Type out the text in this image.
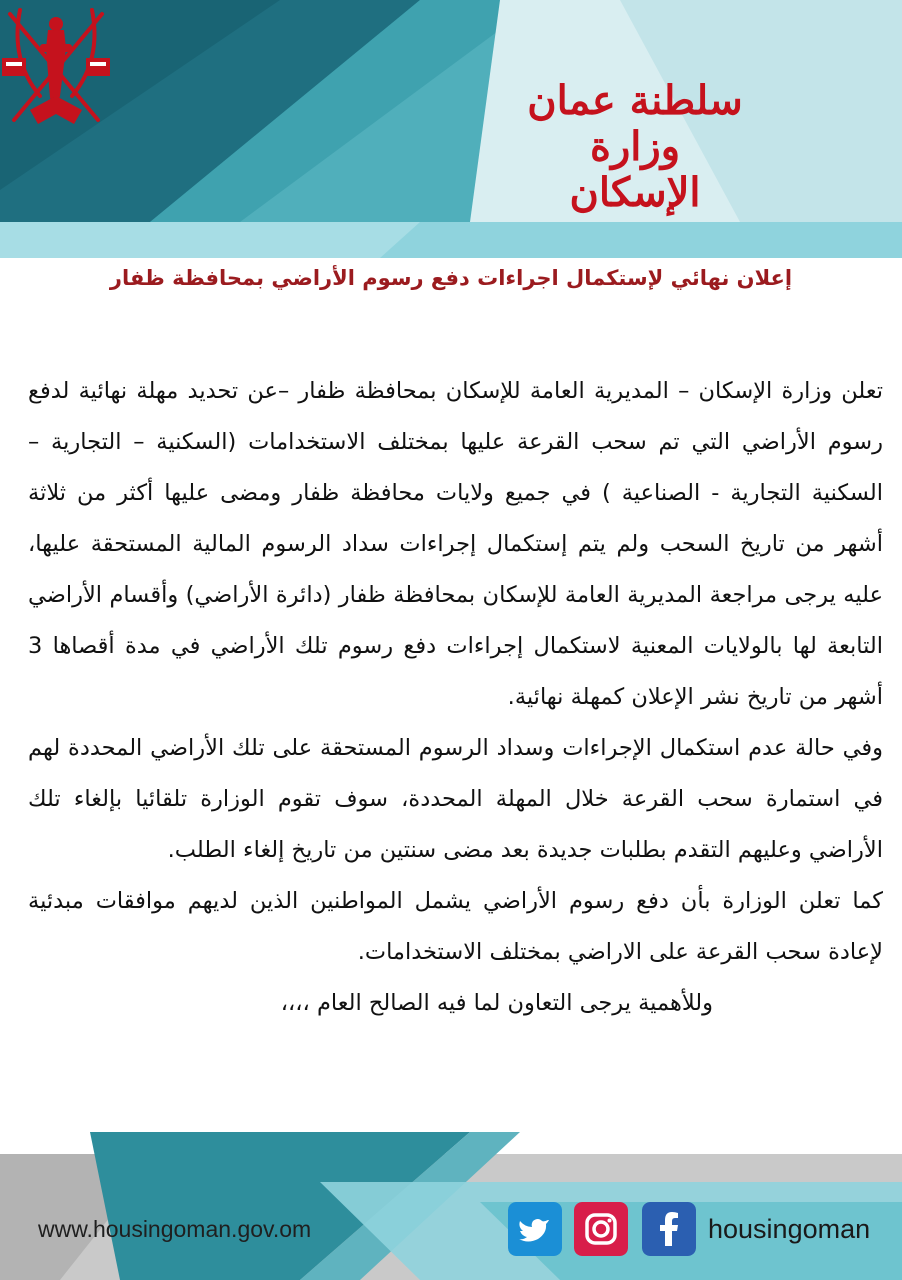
سلطنة عمان
وزارة الإسكان
إعلان نهائي لإستكمال اجراءات دفع رسوم الأراضي بمحافظة ظفار

تعلن وزارة الإسكان – المديرية العامة للإسكان بمحافظة ظفار –عن تحديد مهلة نهائية لدفع رسوم الأراضي التي تم سحب القرعة عليها بمختلف الاستخدامات (السكنية – التجارية – السكنية التجارية - الصناعية ) في جميع ولايات محافظة ظفار ومضى عليها أكثر من ثلاثة أشهر من تاريخ السحب ولم يتم إستكمال إجراءات سداد الرسوم المالية المستحقة عليها، عليه يرجى مراجعة المديرية العامة للإسكان بمحافظة ظفار (دائرة الأراضي) وأقسام الأراضي التابعة لها بالولايات المعنية لاستكمال إجراءات دفع رسوم تلك الأراضي في مدة أقصاها 3 أشهر من تاريخ نشر الإعلان كمهلة نهائية.

وفي حالة عدم استكمال الإجراءات وسداد الرسوم المستحقة على تلك الأراضي المحددة لهم في استمارة سحب القرعة خلال المهلة المحددة، سوف تقوم الوزارة تلقائيا بإلغاء تلك الأراضي وعليهم التقدم بطلبات جديدة بعد مضى سنتين من تاريخ إلغاء الطلب.

كما تعلن الوزارة بأن دفع رسوم الأراضي يشمل المواطنين الذين لديهم موافقات مبدئية لإعادة سحب القرعة على الاراضي بمختلف الاستخدامات.

وللأهمية يرجى التعاون لما فيه الصالح العام ،،،،

www.housingoman.gov.om	housingoman
